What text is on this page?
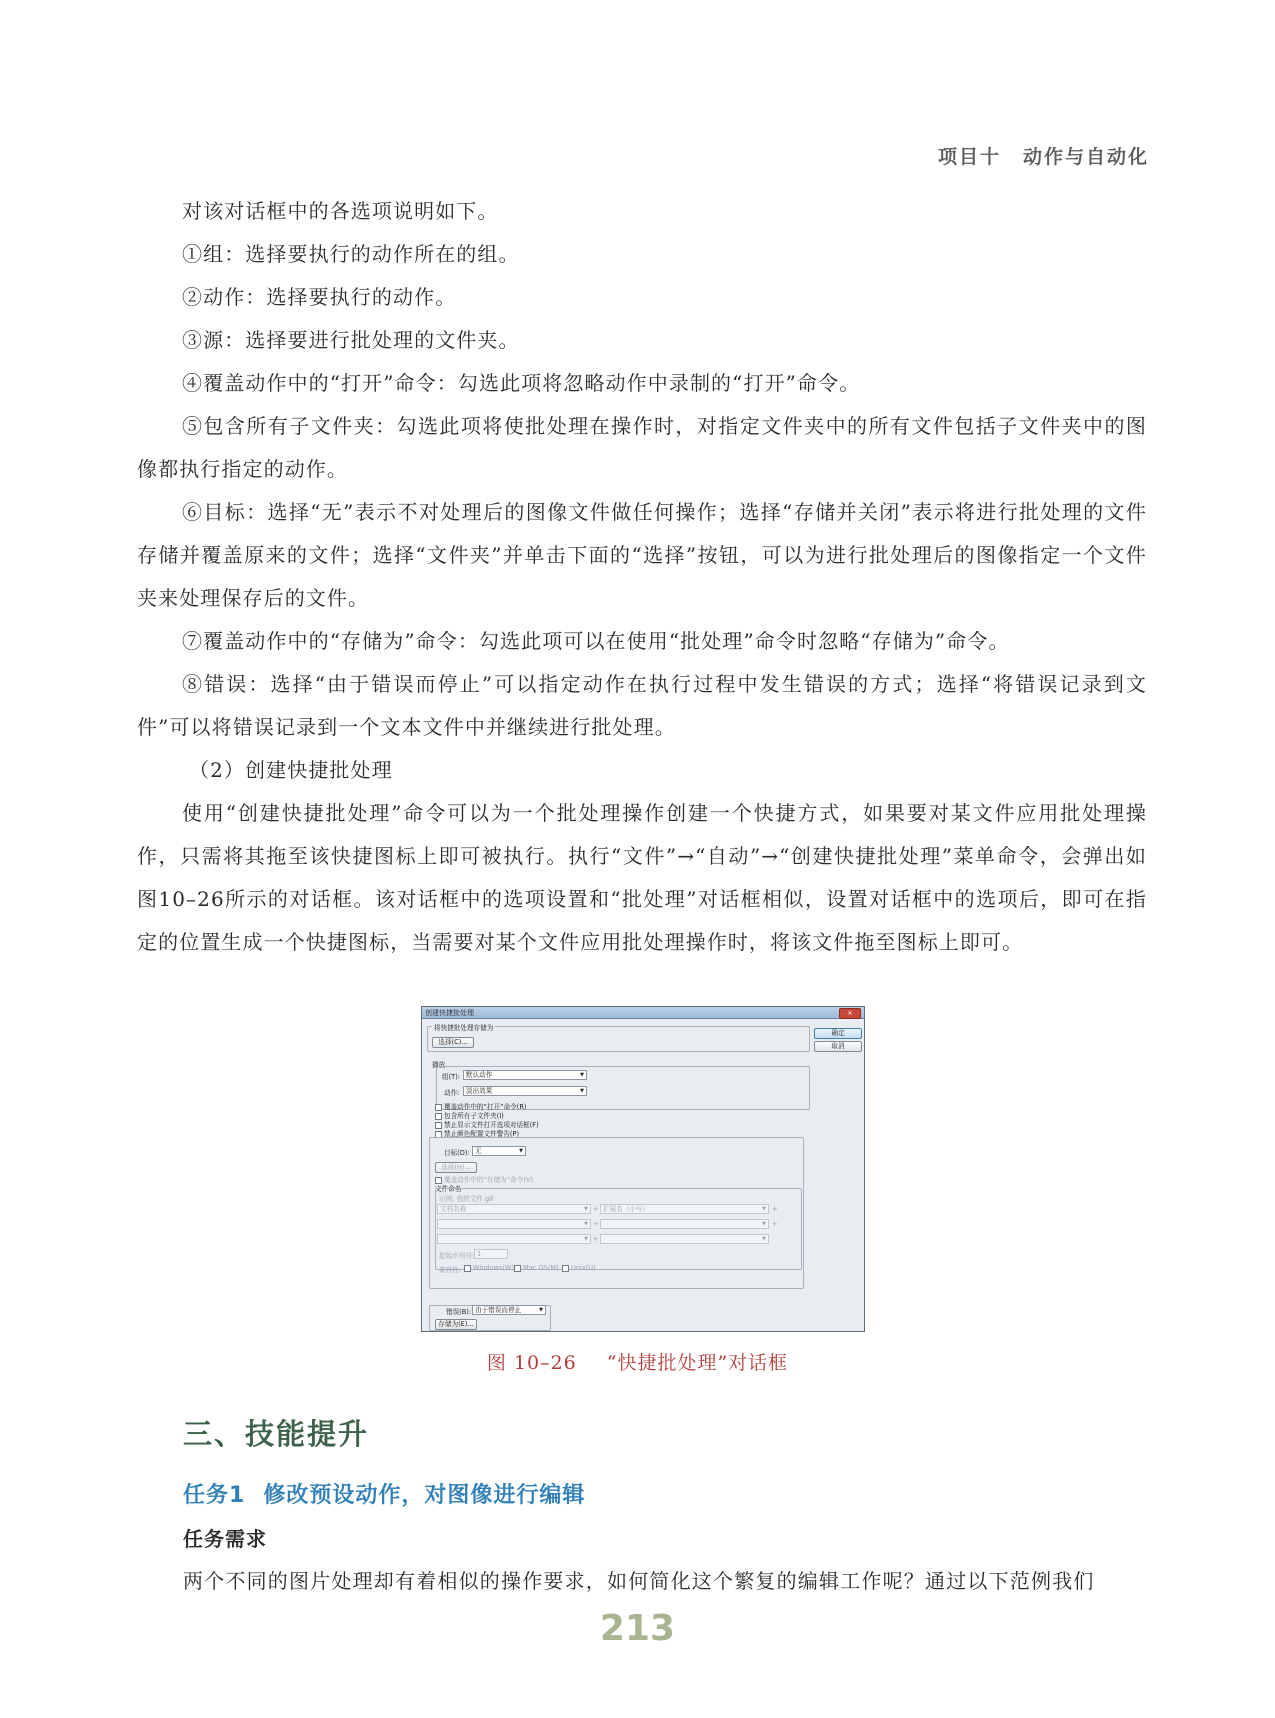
项目十 动作与自动化

对该对话框中的各选项说明如下。

①组：选择要执行的动作所在的组。

②动作：选择要执行的动作。

③源：选择要进行批处理的文件夹。

④覆盖动作中的“打开”命令：勾选此项将忽略动作中录制的“打开”命令。

⑤包含所有子文件夹：勾选此项将使批处理在操作时，对指定文件夹中的所有文件包括子文件夹中的图像都执行指定的动作。

⑥目标：选择“无”表示不对处理后的图像文件做任何操作；选择“存储并关闭”表示将进行批处理的文件存储并覆盖原来的文件；选择“文件夹”并单击下面的“选择”按钮，可以为进行批处理后的图像指定一个文件夹来处理保存后的文件。

⑦覆盖动作中的“存储为”命令：勾选此项可以在使用“批处理”命令时忽略“存储为”命令。

⑧错误：选择“由于错误而停止”可以指定动作在执行过程中发生错误的方式；选择“将错误记录到文件”可以将错误记录到一个文本文件中并继续进行批处理。

（2）创建快捷批处理

使用“创建快捷批处理”命令可以为一个批处理操作创建一个快捷方式，如果要对某文件应用批处理操作，只需将其拖至该快捷图标上即可被执行。执行“文件”→“自动”→“创建快捷批处理”菜单命令，会弹出如图10–26所示的对话框。该对话框中的选项设置和“批处理”对话框相似，设置对话框中的选项后，即可在指定的位置生成一个快捷图标，当需要对某个文件应用批处理操作时，将该文件拖至图标上即可。

创建快捷批处理	✕
将快捷批处理存储为
选择(C)...
确定
取消
播放
组(T): 默认动作	▼
动作: 淡出效果	▼
覆盖动作中的“打开”命令(R)
包含所有子文件夹(I)
禁止显示文件打开选项对话框(F)
禁止颜色配置文件警告(P)
目标(D): 无	▼
选择(H)...
覆盖动作中的“存储为”命令(V)
文件命名
示例: 我的文件.gif
文档名称	▼ + 扩展名（小写）	▼ +
▼ +	▼ +
▼ +	▼
起始序列号: 1
兼容性:	Windows(W)	Mac OS(M)	Unix(U)
错误(B): 由于错误而停止	▼
存储为(E)...
图 10–26 “快捷批处理”对话框
三、技能提升
任务1 修改预设动作，对图像进行编辑
任务需求
两个不同的图片处理却有着相似的操作要求，如何简化这个繁复的编辑工作呢？通过以下范例我们
213
